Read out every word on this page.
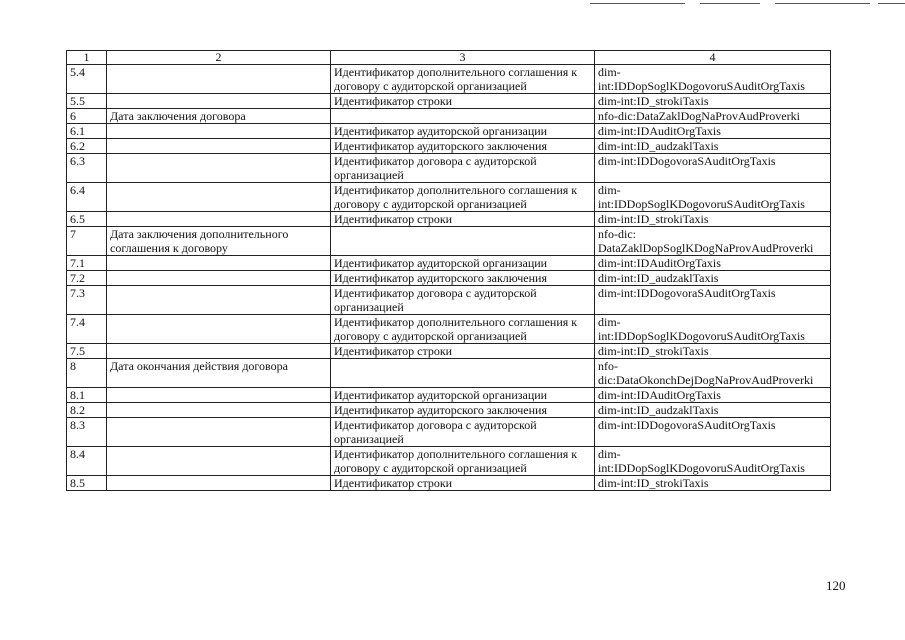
1	2	3	4
5.4		Идентификатор дополнительного соглашения к договору с аудиторской организацией	dim-
int:IDDopSoglKDogovoruSAuditOrgTaxis
5.5		Идентификатор строки	dim-int:ID_strokiTaxis
6	Дата заключения договора		nfo-dic:DataZaklDogNaProvAudProverki
6.1		Идентификатор аудиторской организации	dim-int:IDAuditOrgTaxis
6.2		Идентификатор аудиторского заключения	dim-int:ID_audzaklTaxis
6.3		Идентификатор договора с аудиторской организацией	dim-int:IDDogovoraSAuditOrgTaxis
6.4		Идентификатор дополнительного соглашения к договору с аудиторской организацией	dim-
int:IDDopSoglKDogovoruSAuditOrgTaxis
6.5		Идентификатор строки	dim-int:ID_strokiTaxis
7	Дата заключения дополнительного соглашения к договору		nfo-dic:
DataZaklDopSoglKDogNaProvAudProverki
7.1		Идентификатор аудиторской организации	dim-int:IDAuditOrgTaxis
7.2		Идентификатор аудиторского заключения	dim-int:ID_audzaklTaxis
7.3		Идентификатор договора с аудиторской организацией	dim-int:IDDogovoraSAuditOrgTaxis
7.4		Идентификатор дополнительного соглашения к договору с аудиторской организацией	dim-
int:IDDopSoglKDogovoruSAuditOrgTaxis
7.5		Идентификатор строки	dim-int:ID_strokiTaxis
8	Дата окончания действия договора		nfo-
dic:DataOkonchDejDogNaProvAudProverki
8.1		Идентификатор аудиторской организации	dim-int:IDAuditOrgTaxis
8.2		Идентификатор аудиторского заключения	dim-int:ID_audzaklTaxis
8.3		Идентификатор договора с аудиторской организацией	dim-int:IDDogovoraSAuditOrgTaxis
8.4		Идентификатор дополнительного соглашения к договору с аудиторской организацией	dim-
int:IDDopSoglKDogovoruSAuditOrgTaxis
8.5		Идентификатор строки	dim-int:ID_strokiTaxis
120
